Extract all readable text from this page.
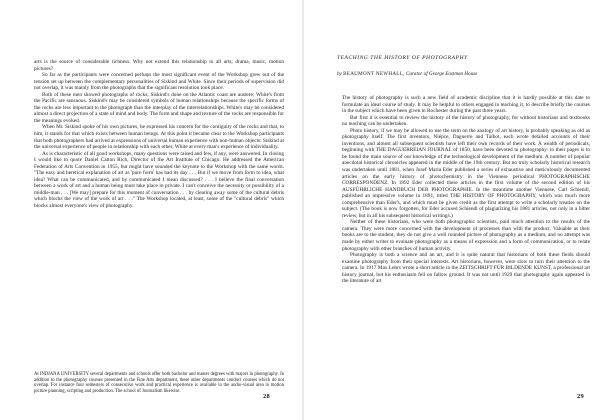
arts is the source of considerable richness. Why not extend this relationship to all arts; drama, music, motion pictures?

So far as the participants were concerned perhaps the most significant event of the Workshop grew out of the tension set up between the complementary personalities of Siskind and White. Since their periods of supervision did not overlap, it was mainly from the photographs that the significant resolution took place.

Both of these men showed photographs of rocks; Siskind's done on the Atlantic coast are austere; White's from the Pacific are sensuous. Siskind's may be considered symbols of human relationships because the specific forms of the rocks are less important to the photograph than the interplay of the interrelationships. White's may be considered almost a direct projection of a state of mind and body. The form and shape and texture of the rocks are responsible for the meanings evoked.

When Mr. Siskind spoke of his own pictures, he expressed his concern for the contiguity of the rocks and that, to him, it stands for that which exists between human beings. At this point it became clear to the Workshop participants that both photographers had arrived at expressions of universal human experience with non-human objects: Siskind at the universal experience of people in relationship with each other, White at every man's experience of individuality.

As is characteristic of all good workshops, many questions were raised and few, if any, were answered. In closing I would like to quote Daniel Catton Rich, Director of the Art Institute of Chicago. He addressed the American Federation of Arts Convention in 1955, but might have sounded the keynote to the Workshop with the same words. "The easy and heretical explanation of art as 'pure form' has had its day . . . But if we move from form to idea, what idea? What can be communicated, and by communicated I mean discussed? . . . I believe the final conversation between a work of art and a human being must take place in private. I can't conceive the necessity or possibility of a middle-man . . . [We may] prepare for this moment of conversation . . . by clearing away some of the cultural debris which blocks the view of the work of art . . ." The Workshop located, at least, some of the "cultural debris" which blocks almost everyone's view of photography.

At INDIANA UNIVERSITY several departments and schools offer both bachelor and master degrees with majors in photography. In addition to the photography courses presented in the Fine Arts department, these other departments conduct courses which do not overlap. For instance four semesters of consecutive work and practical experience is available in the audio-visual area in motion picture planning, scripting and production. The school of Journalism likewise.
28
TEACHING THE HISTORY OF PHOTOGRAPHY
by BEAUMONT NEWHALL, Curator of George Eastman House

The history of photography is such a new field of academic discipline that it is hardly possible at this date to formulate an ideal course of study. It may be helpful to others engaged in teaching it, to describe briefly the courses in the subject which have been given in Rochester during the past three years.

But first it is essential to review the history of the history of photography, for without historians and textbooks no teaching can be undertaken.

Photo history, if we may be allowed to use the term on the analogy of art history, is probably speaking as old as photography itself. The first inventors, Niépce, Daguerre and Talbot, each wrote detailed accounts of their inventions, and almost all subsequent scientists have left their own records of their work. A wealth of periodicals, beginning with THE DAGUERREIAN JOURNAL of 1850, have been devoted to photography: in their pages is to be found the main source of our knowledge of the technological development of the medium. A number of popular anecdotal historical chronicles appeared in the middle of the 19th century. But no truly scholarly historical research was undertaken until 1881, when Josef Maria Eder published a series of exhaustive and meticulously documented articles on the early history of photochemistry in the Viennese periodical PHOTOGRAPHISCHE CORRESPONDENZ. In 1892 Eder collected these articles in the first volume of the second edition of his AUSFÜHRLICHE HANDBUCH DER PHOTOGRAPHIE. In the meantime another Viennese, Carl Schiendl, published an impressive volume in 1891, titled THE HISTORY OF PHOTOGRAPHY, which was much more comprehensive than Eder's, and which must be given credit as the first attempt to write a scholarly treatise on the subject. (The book is now forgotten, for Eder accused Schiendl of plagiarizing his 1881 articles, not only in a bitter review, but in all his subsequent historical writings.)

Neither of these historians, who were both photographic scientists, paid much attention to the results of the camera. They were more concerned with the development of processes than with the product. Valuable as their books are to the student, they do not give a well rounded picture of photography as a medium, and no attempt was made by either writer to evaluate photography as a means of expression and a form of communication, or to relate photography with other branches of human activity.

Photography is both a science and an art, and it is quite natural that historians of both these fields should examine photography from their special interests. Art historians, however, were slow to turn their attention to the camera. In 1917 Max Lehrs wrote a short article in the ZEITSCHRIFT FÜR BILDENDE KUNST, a professional art history journal, but his enthusiasm fell on fallow ground. It was not until 1929 that photography again appeared in the literature of art

29
